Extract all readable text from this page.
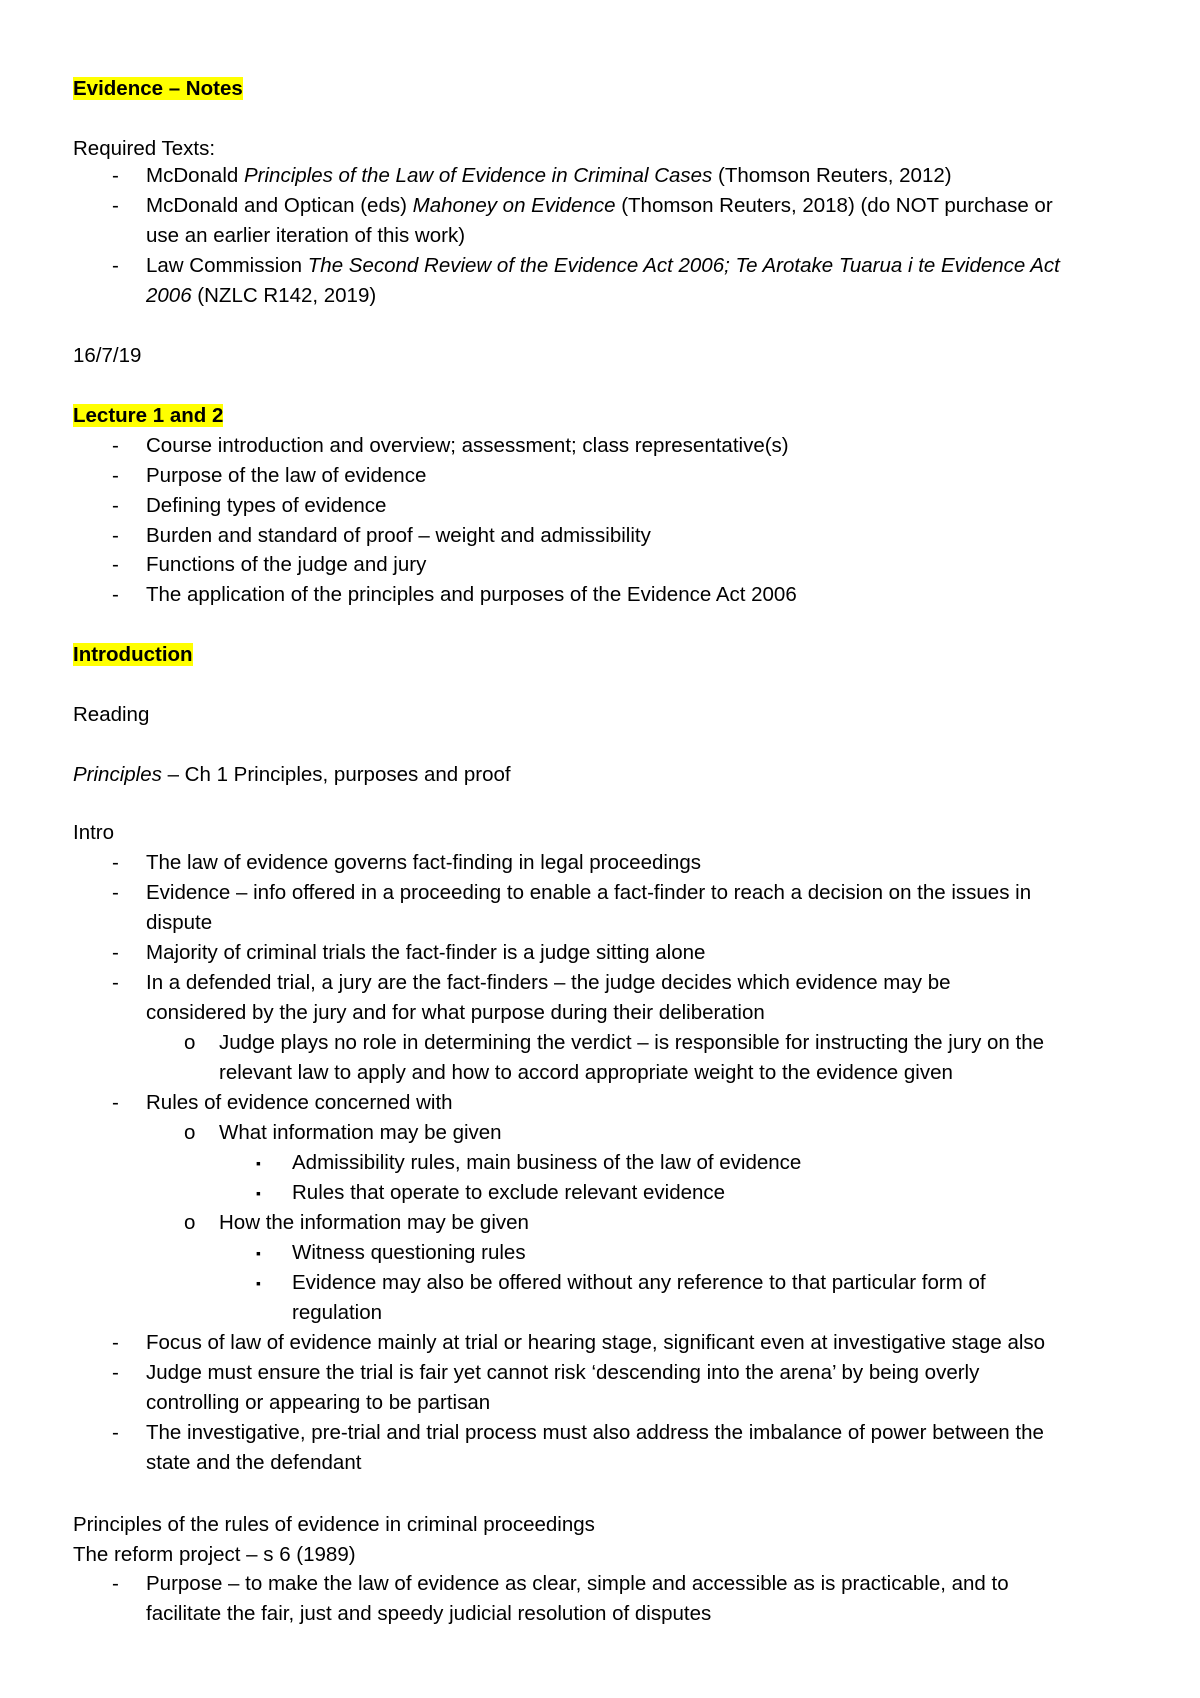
Evidence – Notes
Required Texts:
- McDonald Principles of the Law of Evidence in Criminal Cases (Thomson Reuters, 2012)
- McDonald and Optican (eds) Mahoney on Evidence (Thomson Reuters, 2018) (do NOT purchase or
use an earlier iteration of this work)
- Law Commission The Second Review of the Evidence Act 2006; Te Arotake Tuarua i te Evidence Act
2006 (NZLC R142, 2019)
16/7/19
Lecture 1 and 2
- Course introduction and overview; assessment; class representative(s)
- Purpose of the law of evidence
- Defining types of evidence
- Burden and standard of proof – weight and admissibility
- Functions of the judge and jury
- The application of the principles and purposes of the Evidence Act 2006
Introduction
Reading
Principles – Ch 1 Principles, purposes and proof
Intro
- The law of evidence governs fact-finding in legal proceedings
- Evidence – info offered in a proceeding to enable a fact-finder to reach a decision on the issues in
dispute
- Majority of criminal trials the fact-finder is a judge sitting alone
- In a defended trial, a jury are the fact-finders – the judge decides which evidence may be
considered by the jury and for what purpose during their deliberation
o Judge plays no role in determining the verdict – is responsible for instructing the jury on the
relevant law to apply and how to accord appropriate weight to the evidence given
- Rules of evidence concerned with
o What information may be given
▪ Admissibility rules, main business of the law of evidence
▪ Rules that operate to exclude relevant evidence
o How the information may be given
▪ Witness questioning rules
▪ Evidence may also be offered without any reference to that particular form of
regulation
- Focus of law of evidence mainly at trial or hearing stage, significant even at investigative stage also
- Judge must ensure the trial is fair yet cannot risk ‘descending into the arena’ by being overly
controlling or appearing to be partisan
- The investigative, pre-trial and trial process must also address the imbalance of power between the
state and the defendant
Principles of the rules of evidence in criminal proceedings
The reform project – s 6 (1989)
- Purpose – to make the law of evidence as clear, simple and accessible as is practicable, and to
facilitate the fair, just and speedy judicial resolution of disputes
